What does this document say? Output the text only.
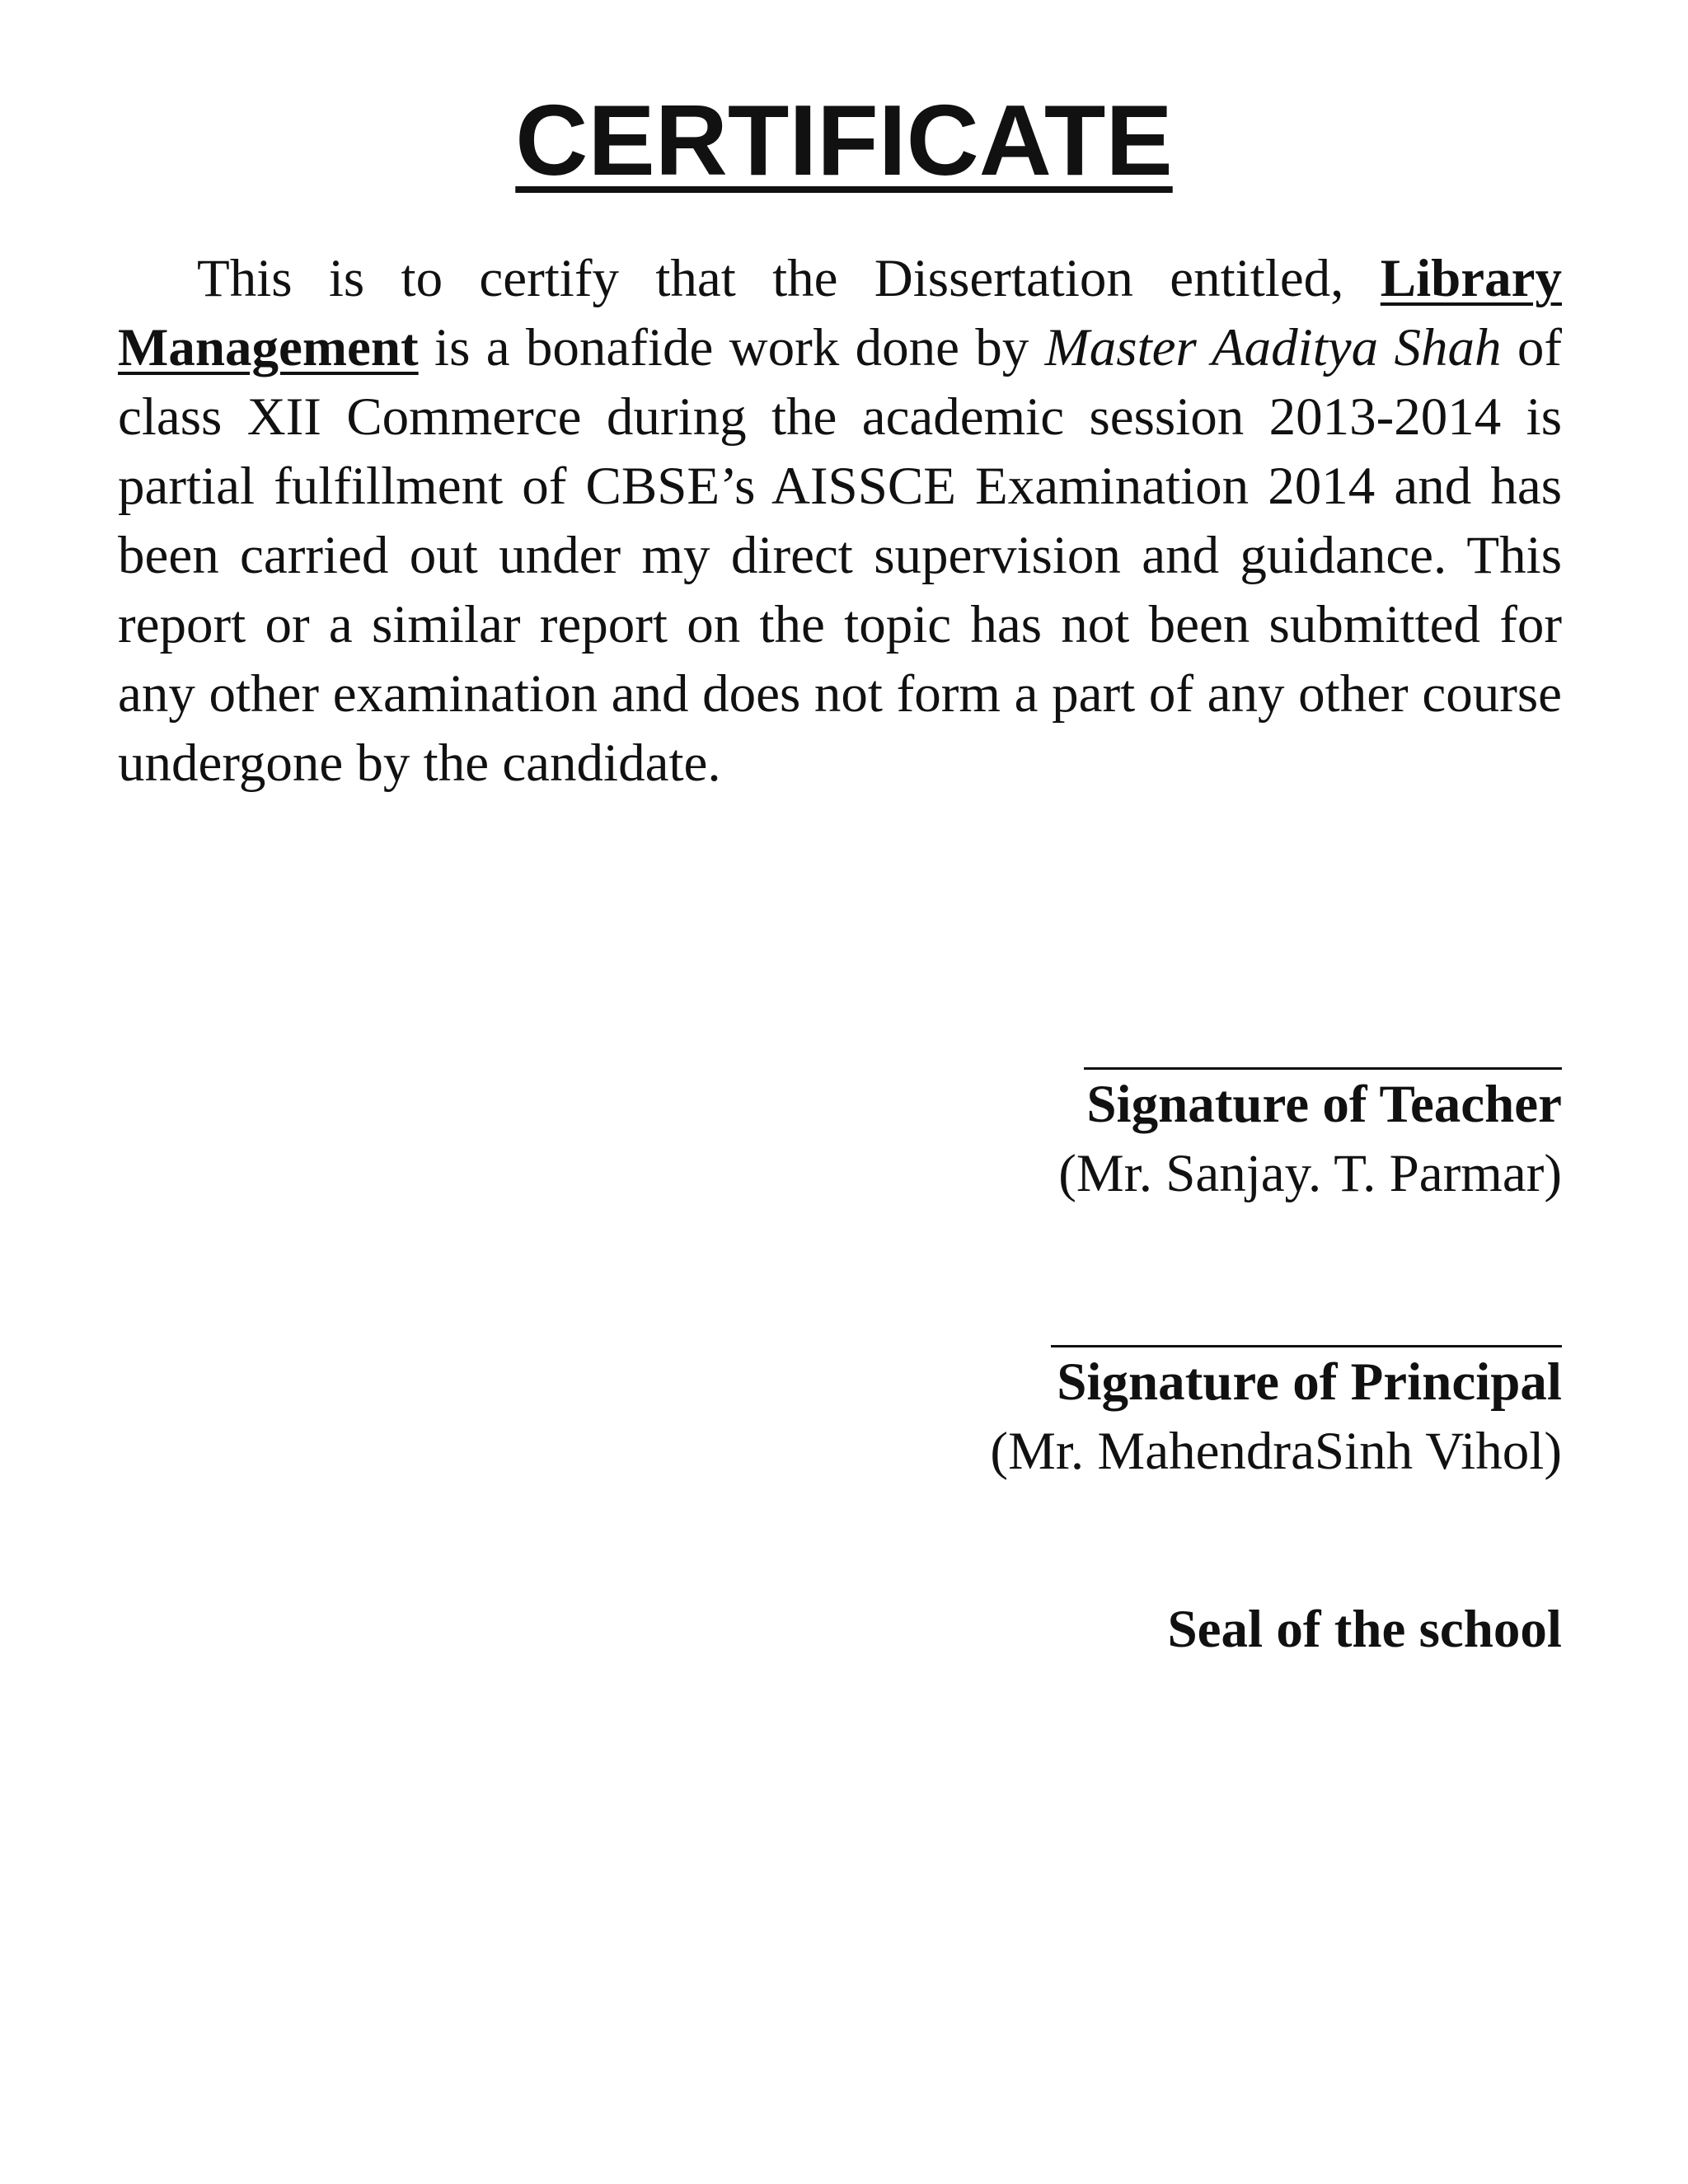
CERTIFICATE

This is to certify that the Dissertation entitled, Library Management is a bonafide work done by Master Aaditya Shah of class XII Commerce during the academic session 2013-2014 is partial fulfillment of CBSE’s AISSCE Examination 2014 and has been carried out under my direct supervision and guidance. This report or a similar report on the topic has not been submitted for any other examination and does not form a part of any other course undergone by the candidate.

Signature of Teacher
(Mr. Sanjay. T. Parmar)
Signature of Principal
(Mr. MahendraSinh Vihol)
Seal of the school
